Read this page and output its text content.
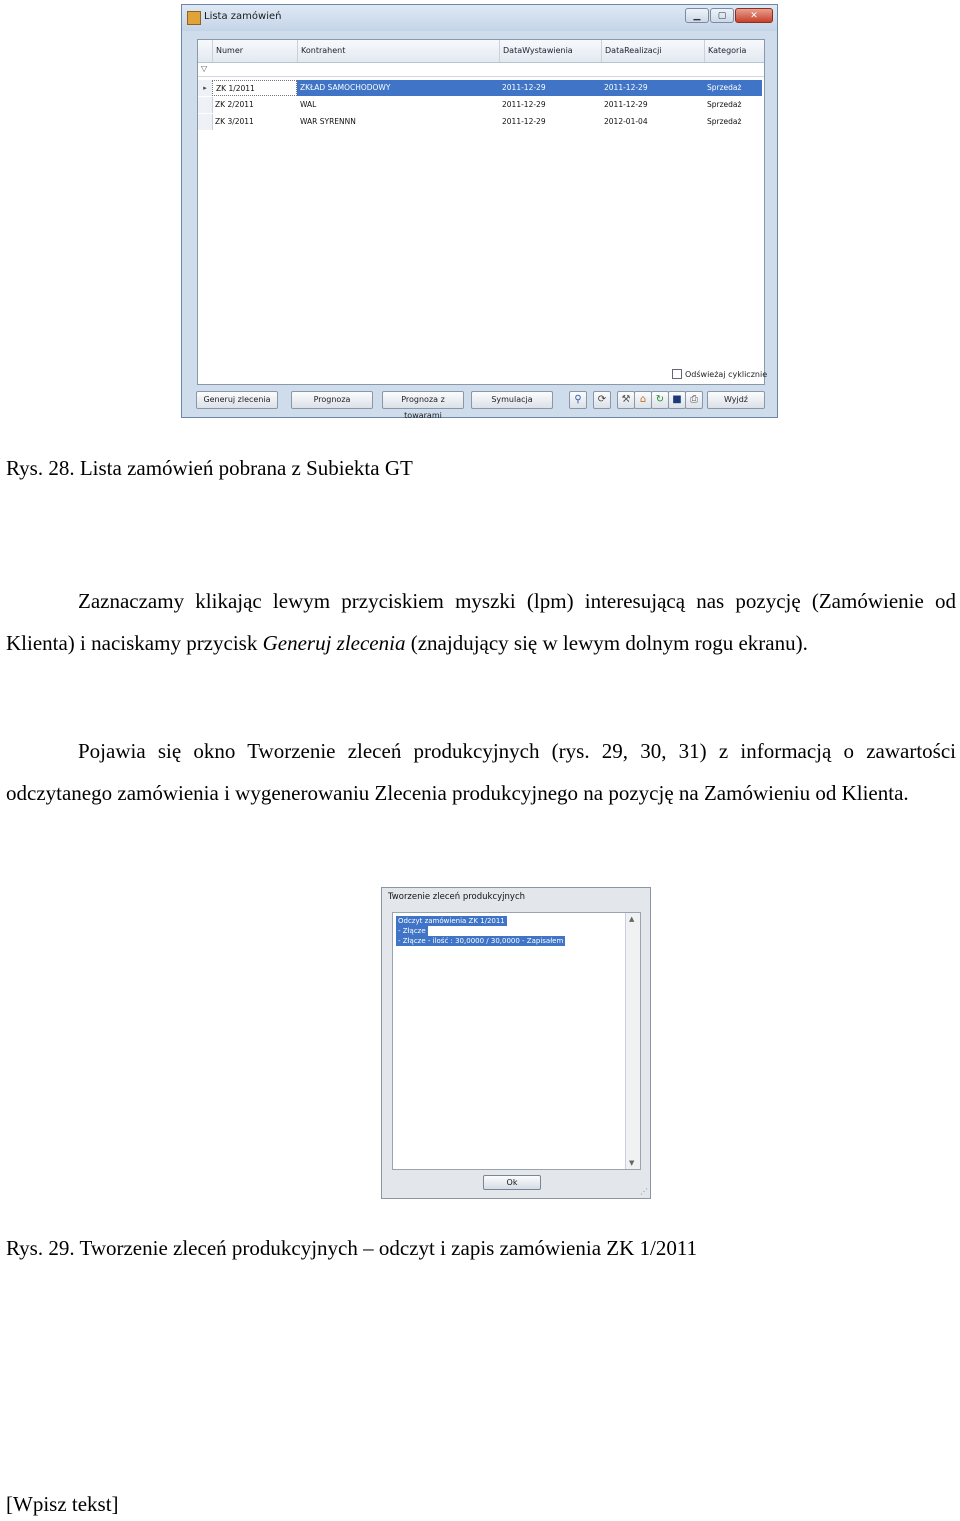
Lista zamówień	▁	▢	✕
Numer	Kontrahent	DataWystawienia	DataRealizacji	Kategoria
▽
▸	ZK 1/2011	ZKŁAD SAMOCHODOWY	2011-12-29	2011-12-29	Sprzedaż
ZK 2/2011	WAL	2011-12-29	2011-12-29	Sprzedaż
ZK 3/2011	WAR SYRENNN	2011-12-29	2012-01-04	Sprzedaż
Odświeżaj cyklicznie
Generuj zlecenia	Prognoza	Prognoza z towarami
Symulacja	⚲	⟳	⚒ ⌂ ↻ ■ ⎙	Wyjdź
Rys. 28. Lista zamówień pobrana z Subiekta GT
Zaznaczamy klikając lewym przyciskiem myszki (lpm) interesującą nas pozycję (Zamówienie od Klienta) i naciskamy przycisk Generuj zlecenia (znajdujący się w lewym dolnym rogu ekranu).
Pojawia się okno Tworzenie zleceń produkcyjnych (rys. 29, 30, 31) z informacją o zawartości odczytanego zamówienia i wygenerowaniu Zlecenia produkcyjnego na pozycję na Zamówieniu od Klienta.
Tworzenie zleceń produkcyjnych
Odczyt zamówienia ZK 1/2011
- Złącze
- Złącze - ilość : 30,0000 / 30,0000 - Zapisałem
▲
▼
Ok
⋰
Rys. 29. Tworzenie zleceń produkcyjnych – odczyt i zapis zamówienia ZK 1/2011
[Wpisz tekst]
